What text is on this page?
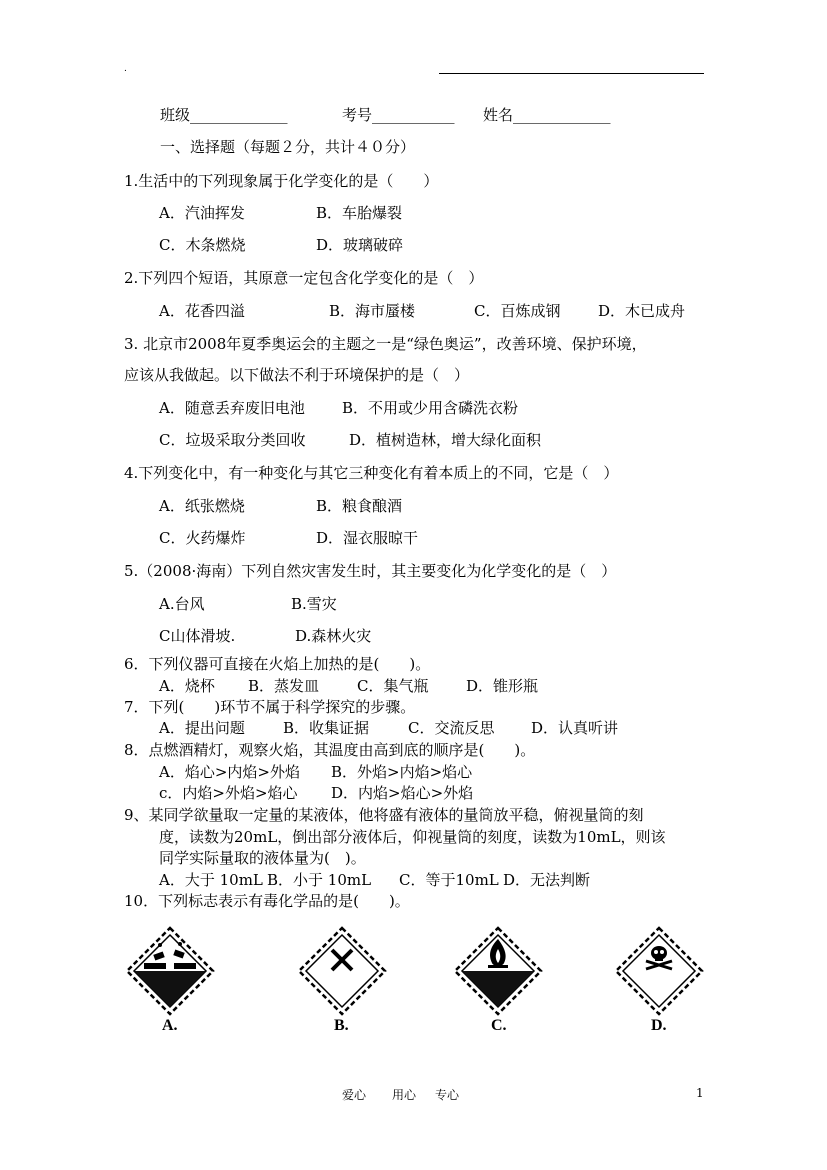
.
班级_____________	考号___________ 姓名_____________
一、选择题（每题２分，共计４０分）
1.生活中的下列现象属于化学变化的是（　　）
A．汽油挥发	B．车胎爆裂
C．木条燃烧	D．玻璃破碎
2.下列四个短语，其原意一定包含化学变化的是（　）
A．花香四溢	B．海市蜃楼	C．百炼成钢	D．木已成舟
3. 北京市2008年夏季奥运会的主题之一是“绿色奥运”，改善环境、保护环境，
应该从我做起。以下做法不利于环境保护的是（　）
A．随意丢弃废旧电池 B．不用或少用含磷洗衣粉
C．垃圾采取分类回收	D．植树造林，增大绿化面积
4.下列变化中，有一种变化与其它三种变化有着本质上的不同，它是（　）
A．纸张燃烧	B．粮食酿酒
C．火药爆炸	D．湿衣服晾干
5.（2008·海南）下列自然灾害发生时，其主要变化为化学变化的是（　）
A.台风	B.雪灾
C山体滑坡.	D.森林火灾
6．下列仪器可直接在火焰上加热的是(　　)。
A．烧杯 B．蒸发皿	C．集气瓶	D．锥形瓶
7．下列(　　)环节不属于科学探究的步骤。
A．提出问题	B．收集证据	C．交流反思 D．认真听讲
8．点燃酒精灯，观察火焰，其温度由高到底的顺序是(　　)。
A．焰心>内焰>外焰 B．外焰>内焰>焰心
c．内焰>外焰>焰心 D．内焰>焰心>外焰
9、某同学欲量取一定量的某液体，他将盛有液体的量筒放平稳，俯视量筒的刻
度，读数为20mL，倒出部分液体后，仰视量筒的刻度，读数为10mL，则该
同学实际量取的液体量为(　)。
A．大于 10mL B．小于 10mL C．等于10mL D．无法判断
10．下列标志表示有毒化学品的是(　　)。
A.	B.	C.	D.
爱心 用心 专心	1
